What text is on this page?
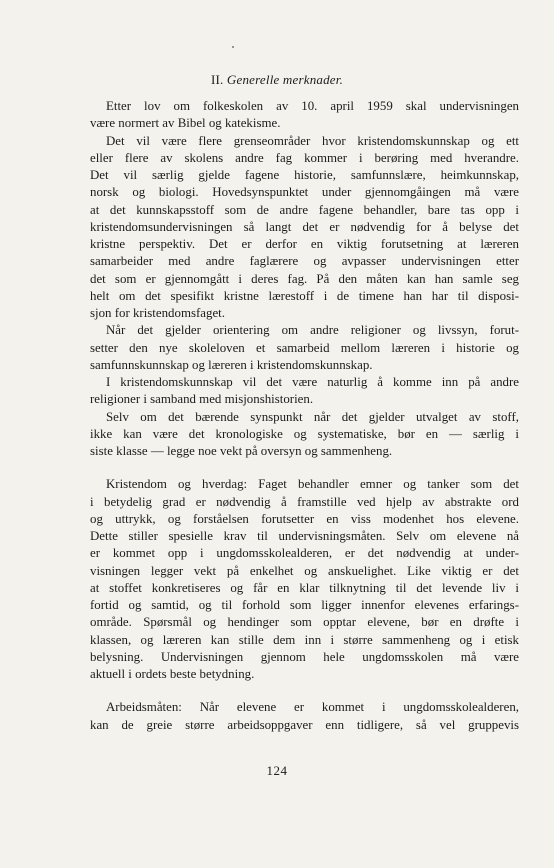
II. Generelle merknader.
Etter lov om folkeskolen av 10. april 1959 skal undervisningen
være normert av Bibel og katekisme.
Det vil være flere grenseområder hvor kristendomskunnskap og ett
eller flere av skolens andre fag kommer i berøring med hverandre.
Det vil særlig gjelde fagene historie, samfunnslære, heimkunnskap,
norsk og biologi. Hovedsynspunktet under gjennomgåingen må være
at det kunnskapsstoff som de andre fagene behandler, bare tas opp i
kristendomsundervisningen så langt det er nødvendig for å belyse det
kristne perspektiv. Det er derfor en viktig forutsetning at læreren
samarbeider med andre faglærere og avpasser undervisningen etter
det som er gjennomgått i deres fag. På den måten kan han samle seg
helt om det spesifikt kristne lærestoff i de timene han har til disposi-
sjon for kristendomsfaget.
Når det gjelder orientering om andre religioner og livssyn, forut-
setter den nye skoleloven et samarbeid mellom læreren i historie og
samfunnskunnskap og læreren i kristendomskunnskap.
I kristendomskunnskap vil det være naturlig å komme inn på andre
religioner i samband med misjonshistorien.
Selv om det bærende synspunkt når det gjelder utvalget av stoff,
ikke kan være det kronologiske og systematiske, bør en — særlig i
siste klasse — legge noe vekt på oversyn og sammenheng.
Kristendom og hverdag: Faget behandler emner og tanker som det
i betydelig grad er nødvendig å framstille ved hjelp av abstrakte ord
og uttrykk, og forståelsen forutsetter en viss modenhet hos elevene.
Dette stiller spesielle krav til undervisningsmåten. Selv om elevene nå
er kommet opp i ungdomsskolealderen, er det nødvendig at under-
visningen legger vekt på enkelhet og anskuelighet. Like viktig er det
at stoffet konkretiseres og får en klar tilknytning til det levende liv i
fortid og samtid, og til forhold som ligger innenfor elevenes erfarings-
område. Spørsmål og hendinger som opptar elevene, bør en drøfte i
klassen, og læreren kan stille dem inn i større sammenheng og i etisk
belysning. Undervisningen gjennom hele ungdomsskolen må være
aktuell i ordets beste betydning.
Arbeidsmåten: Når elevene er kommet i ungdomsskolealderen,
kan de greie større arbeidsoppgaver enn tidligere, så vel gruppevis
124
